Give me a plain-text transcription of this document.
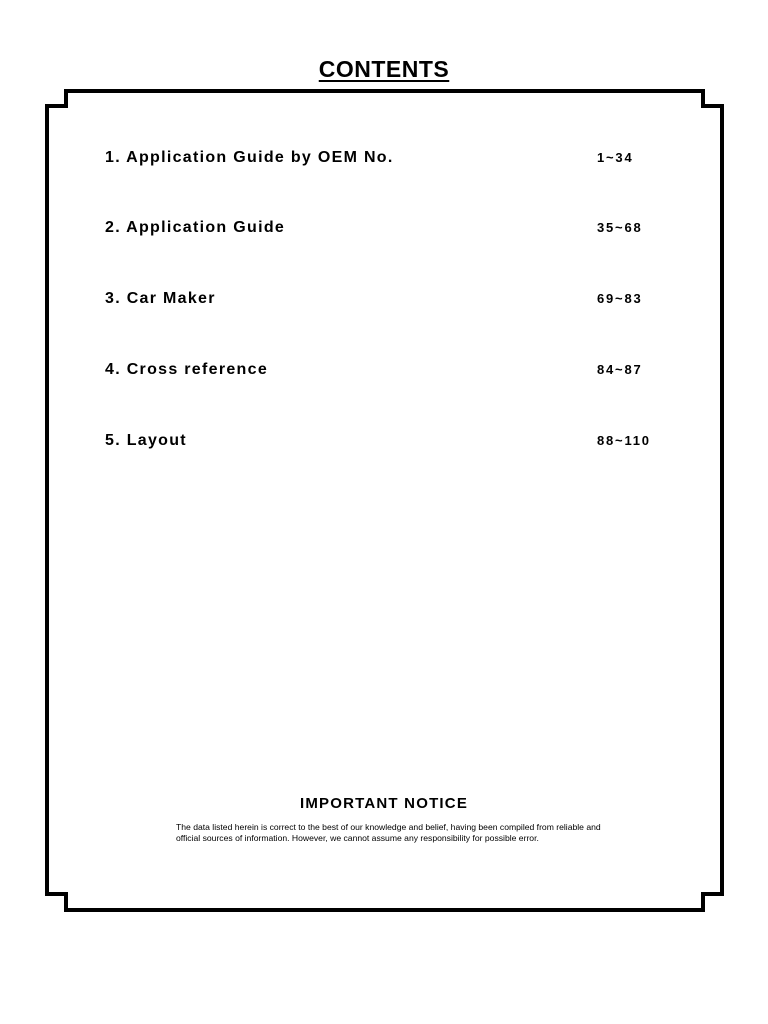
CONTENTS
1. Application Guide by OEM No.	1~34
2. Application Guide	35~68
3. Car Maker	69~83
4. Cross reference	84~87
5. Layout	88~110
IMPORTANT NOTICE
The data listed herein is correct to the best of our knowledge and belief, having been compiled from reliable and official sources of information. However, we cannot assume any responsibility for possible error.
